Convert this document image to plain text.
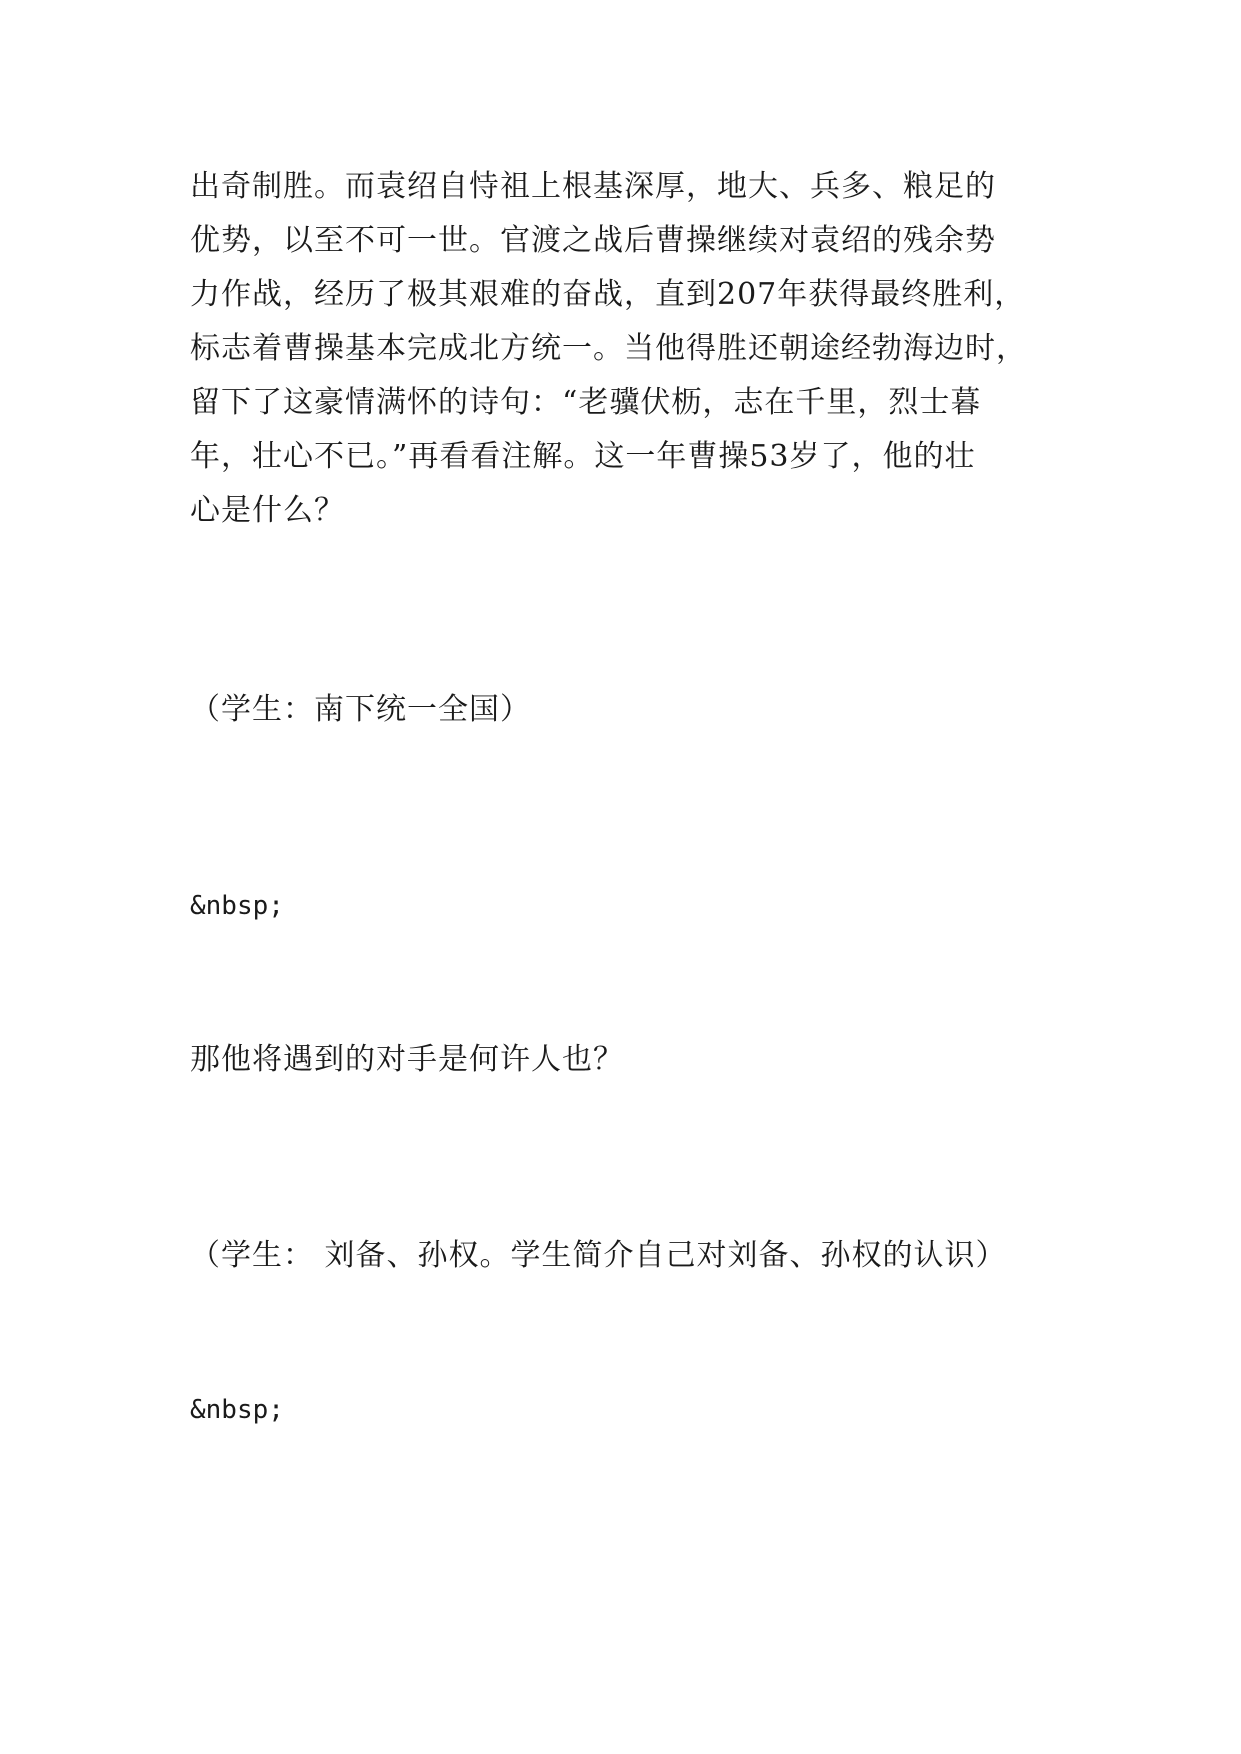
出奇制胜。而袁绍自恃祖上根基深厚，地大、兵多、粮足的
优势，以至不可一世。官渡之战后曹操继续对袁绍的残余势
力作战，经历了极其艰难的奋战，直到207年获得最终胜利，
标志着曹操基本完成北方统一。当他得胜还朝途经勃海边时，
留下了这豪情满怀的诗句：“老骥伏枥，志在千里，烈士暮
年，壮心不已。”再看看注解。这一年曹操53岁了，他的壮
心是什么？
（学生：南下统一全国）
&nbsp;
那他将遇到的对手是何许人也？
（学生： 刘备、孙权。学生简介自己对刘备、孙权的认识）
&nbsp;
